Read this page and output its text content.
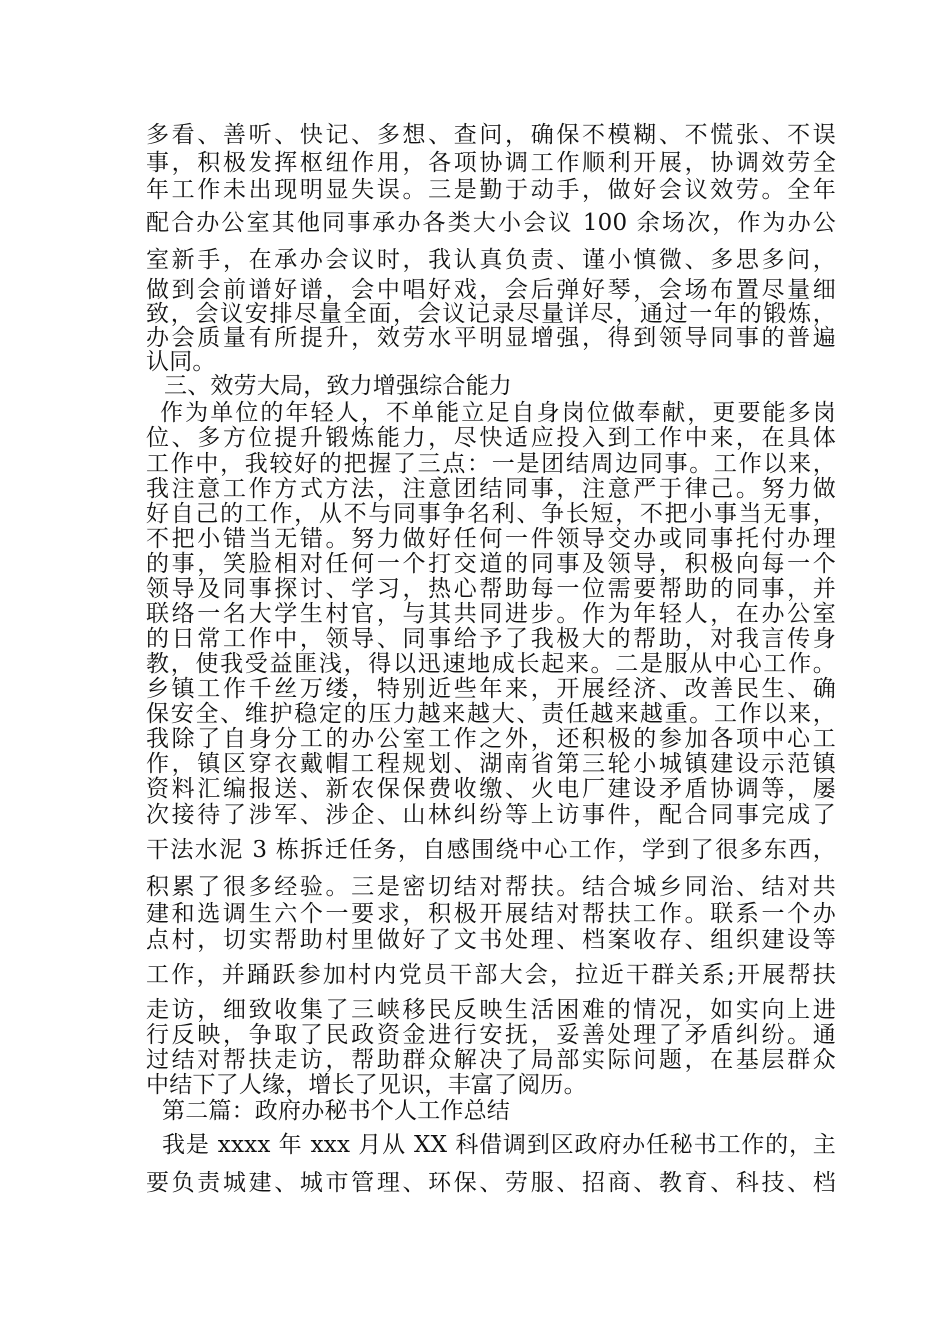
多看、善听、快记、多想、查问，确保不模糊、不慌张、不误

事，积极发挥枢纽作用，各项协调工作顺利开展，协调效劳全

年工作未出现明显失误。三是勤于动手，做好会议效劳。全年

配合办公室其他同事承办各类大小会议 100 余场次，作为办公

室新手，在承办会议时，我认真负责、谨小慎微、多思多问，

做到会前谱好谱，会中唱好戏，会后弹好琴，会场布置尽量细

致，会议安排尽量全面，会议记录尽量详尽，通过一年的锻炼，

办会质量有所提升，效劳水平明显增强，得到领导同事的普遍

认同。

三、效劳大局，致力增强综合能力

作为单位的年轻人，不单能立足自身岗位做奉献，更要能多岗

位、多方位提升锻炼能力，尽快适应投入到工作中来，在具体

工作中，我较好的把握了三点：一是团结周边同事。工作以来，

我注意工作方式方法，注意团结同事，注意严于律己。努力做

好自己的工作，从不与同事争名利、争长短，不把小事当无事，

不把小错当无错。努力做好任何一件领导交办或同事托付办理

的事，笑脸相对任何一个打交道的同事及领导，积极向每一个

领导及同事探讨、学习，热心帮助每一位需要帮助的同事，并

联络一名大学生村官，与其共同进步。作为年轻人，在办公室

的日常工作中，领导、同事给予了我极大的帮助，对我言传身

教，使我受益匪浅，得以迅速地成长起来。二是服从中心工作。

乡镇工作千丝万缕，特别近些年来，开展经济、改善民生、确

保安全、维护稳定的压力越来越大、责任越来越重。工作以来，

我除了自身分工的办公室工作之外，还积极的参加各项中心工

作，镇区穿衣戴帽工程规划、湖南省第三轮小城镇建设示范镇

资料汇编报送、新农保保费收缴、火电厂建设矛盾协调等，屡

次接待了涉军、涉企、山林纠纷等上访事件，配合同事完成了

干法水泥 3 栋拆迁任务，自感围绕中心工作，学到了很多东西，

积累了很多经验。三是密切结对帮扶。结合城乡同治、结对共

建和选调生六个一要求，积极开展结对帮扶工作。联系一个办

点村，切实帮助村里做好了文书处理、档案收存、组织建设等

工作，并踊跃参加村内党员干部大会，拉近干群关系;开展帮扶

走访，细致收集了三峡移民反映生活困难的情况，如实向上进

行反映，争取了民政资金进行安抚，妥善处理了矛盾纠纷。通

过结对帮扶走访，帮助群众解决了局部实际问题，在基层群众

中结下了人缘，增长了见识，丰富了阅历。

第二篇：政府办秘书个人工作总结

我是 xxxx 年 xxx 月从 XX 科借调到区政府办任秘书工作的，主

要负责城建、城市管理、环保、劳服、招商、教育、科技、档
